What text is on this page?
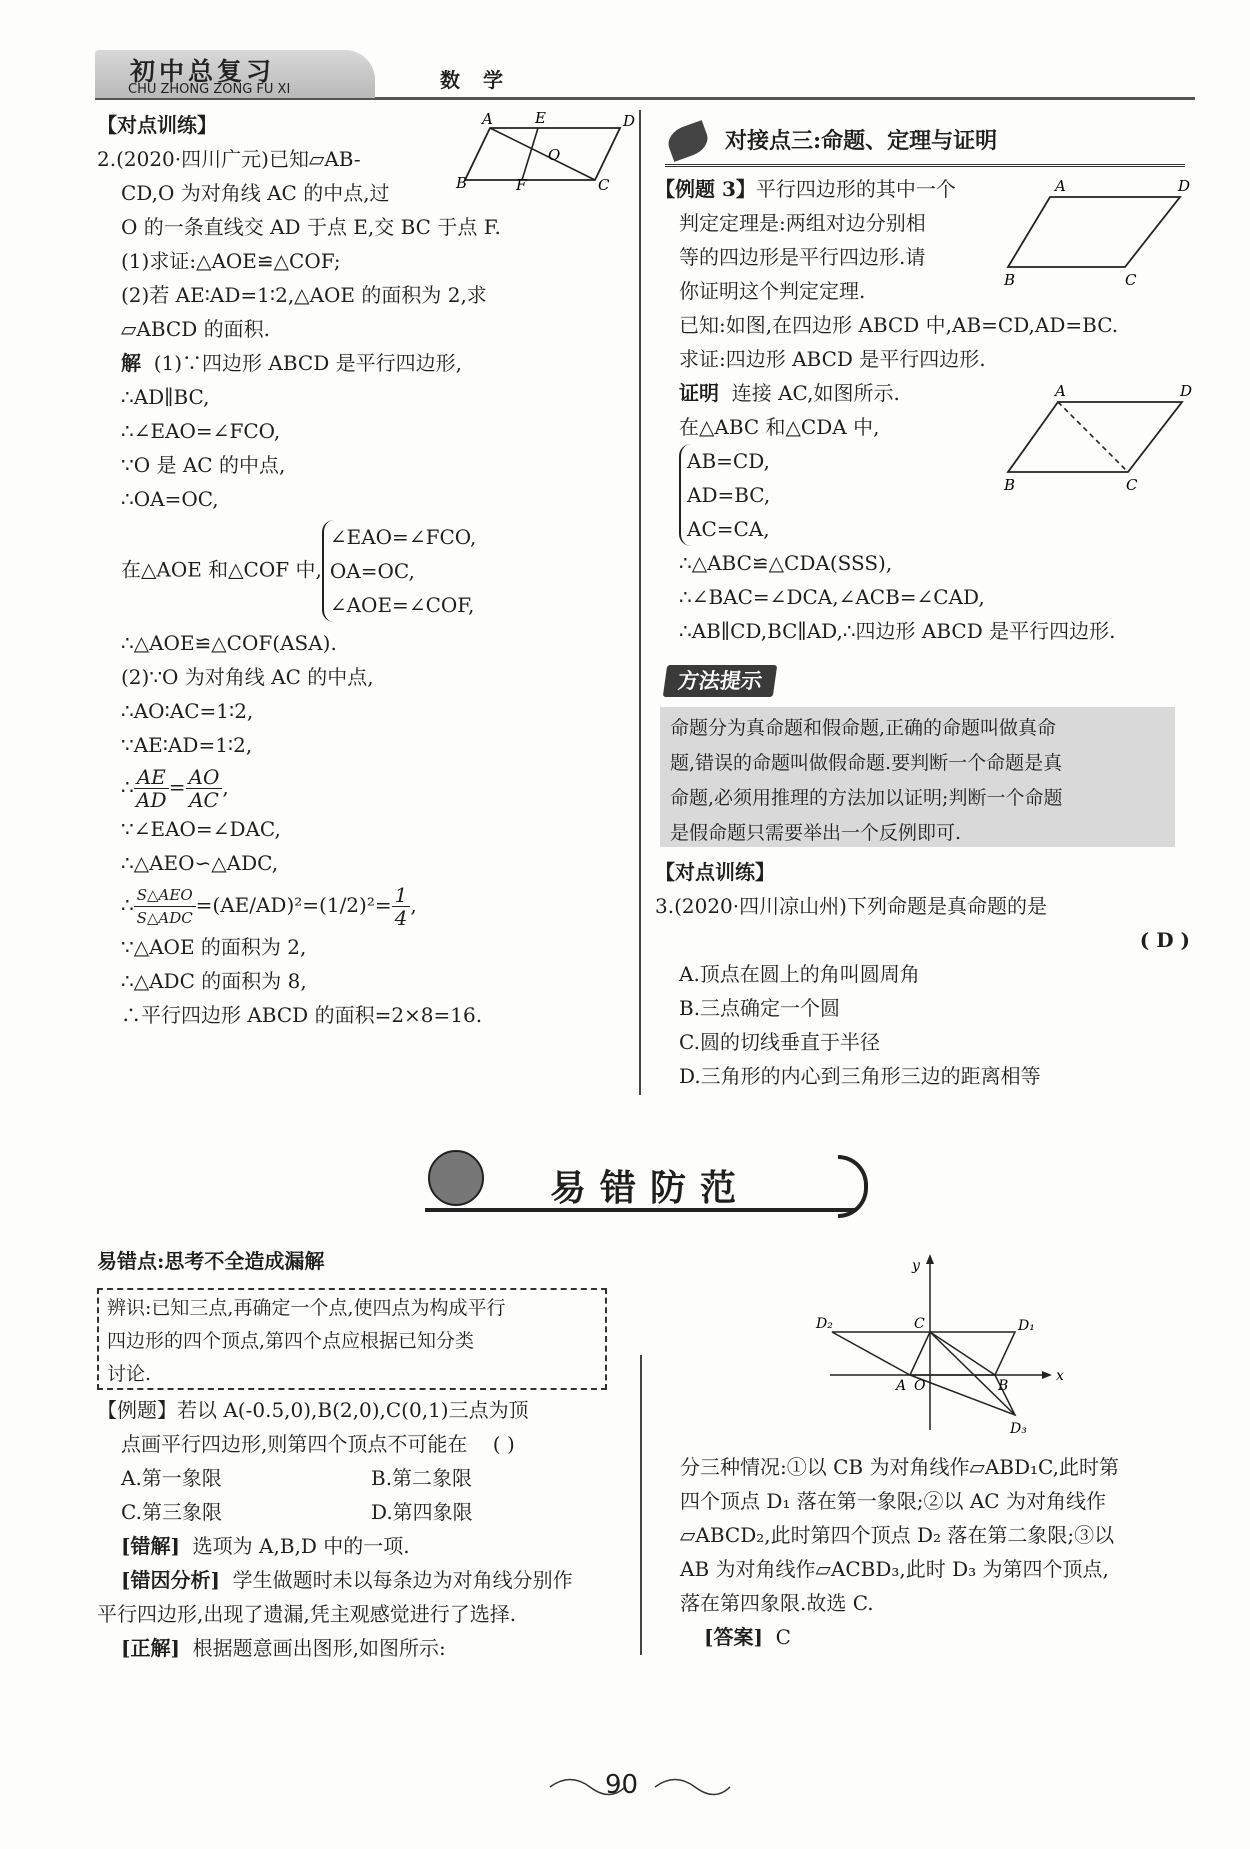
初中总复习
CHU ZHONG ZONG FU XI	数 学

【对点训练】

2.(2020·四川广元)已知▱AB-

CD,O 为对角线 AC 的中点,过

O 的一条直线交 AD 于点 E,交 BC 于点 F.

(1)求证:△AOE≌△COF;

(2)若 AE∶AD=1∶2,△AOE 的面积为 2,求

▱ABCD 的面积.

解 (1)∵四边形 ABCD 是平行四边形,

∴AD∥BC,

∴∠EAO=∠FCO,

∵O 是 AC 的中点,

∴OA=OC,

在△AOE 和△COF 中,
∠EAO=∠FCO,
OA=OC,
∠AOE=∠COF,

∴△AOE≌△COF(ASA).

(2)∵O 为对角线 AC 的中点,

∴AO∶AC=1∶2,

∵AE∶AD=1∶2,

∴ $\frac{AE}{AD} = \frac{AO}{AC}$ ,

∵∠EAO=∠DAC,

∴△AEO∽△ADC,

∴ $\frac{\text{S△AEO}}{\text{S△ADC}} =(AE/AD)^2=(1/2)^2= \frac{1}{4}$ ,

∵△AOE 的面积为 2,

∴△ADC 的面积为 8,

∴平行四边形 ABCD 的面积=2×8=16.

A	E	D
O
B	F	C
对接点三:命题、定理与证明

【例题 3】平行四边形的其中一个

判定定理是:两组对边分别相

等的四边形是平行四边形.请

你证明这个判定定理.

已知:如图,在四边形 ABCD 中,AB=CD,AD=BC.

求证:四边形 ABCD 是平行四边形.

证明 连接 AC,如图所示.

在△ABC 和△CDA 中,

AB=CD,
AD=BC,
AC=CA,

∴△ABC≌△CDA(SSS),

∴∠BAC=∠DCA,∠ACB=∠CAD,

∴AB∥CD,BC∥AD,∴四边形 ABCD 是平行四边形.

A	D
B	C
A	D
B	C
方法提示
命题分为真命题和假命题,正确的命题叫做真命
题,错误的命题叫做假命题.要判断一个命题是真
命题,必须用推理的方法加以证明;判断一个命题
是假命题只需要举出一个反例即可.

【对点训练】

3.(2020·四川凉山州)下列命题是真命题的是

( D )

A.顶点在圆上的角叫圆周角

B.三点确定一个圆

C.圆的切线垂直于半径

D.三角形的内心到三角形三边的距离相等

易错防范
易错点:思考不全造成漏解
辨识:已知三点,再确定一个点,使四点为构成平行
四边形的四个顶点,第四个点应根据已知分类
讨论.

【例题】若以 A(-0.5,0),B(2,0),C(0,1)三点为顶

点画平行四边形,则第四个顶点不可能在 ( )

A.第一象限	B.第二象限

C.第三象限	D.第四象限

[错解] 选项为 A,B,D 中的一项.

[错因分析] 学生做题时未以每条边为对角线分别作

平行四边形,出现了遗漏,凭主观感觉进行了选择.

[正解] 根据题意画出图形,如图所示:

y
x
D₂	C	D₁
A O	B
D₃

分三种情况:①以 CB 为对角线作▱ABD₁C,此时第

四个顶点 D₁ 落在第一象限;②以 AC 为对角线作

▱ABCD₂,此时第四个顶点 D₂ 落在第二象限;③以

AB 为对角线作▱ACBD₃,此时 D₃ 为第四个顶点,

落在第四象限.故选 C.

[答案] C

90
